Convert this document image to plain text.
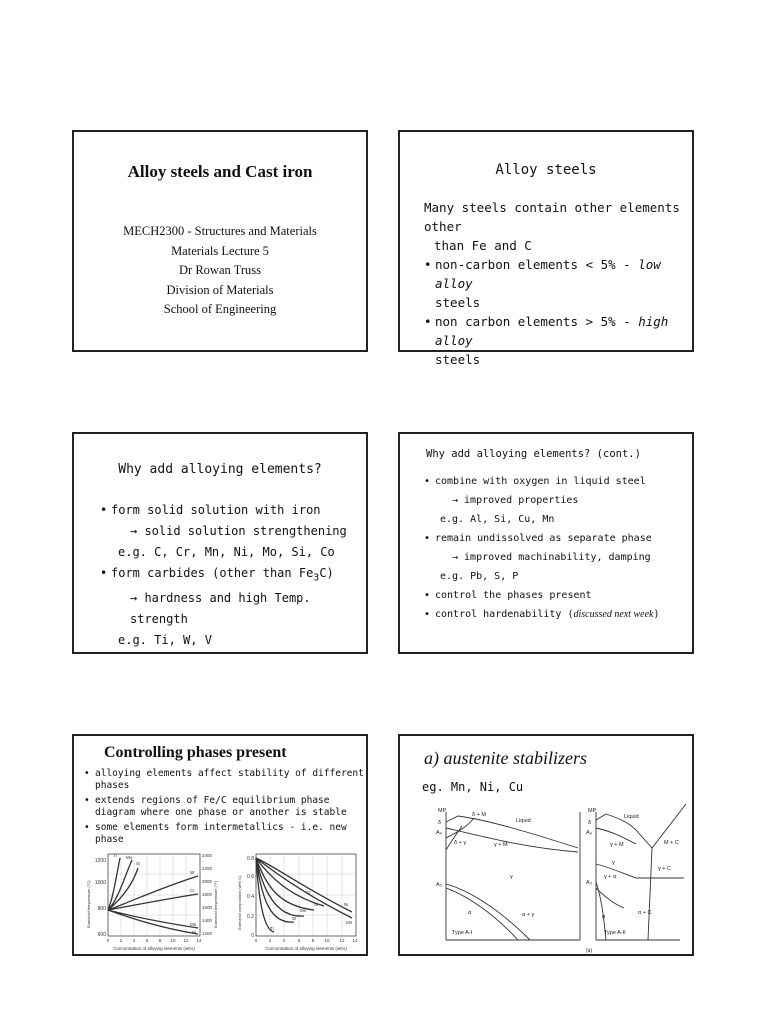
Alloy steels and Cast iron
MECH2300 - Structures and Materials
Materials Lecture 5
Dr Rowan Truss
Division of Materials
School of Engineering
Alloy steels
Many steels contain other elements other
than Fe and C
• non-carbon elements < 5% - low alloy
steels
• non carbon elements > 5% - high alloy
steels
Why add alloying elements?
• form solid solution with iron
→ solid solution strengthening
e.g. C, Cr, Mn, Ni, Mo, Si, Co
• form carbides (other than $Fe_3C$)
→ hardness and high Temp. strength
e.g. Ti, W, V
Why add alloying elements? (cont.)
• combine with oxygen in liquid steel
→ improved properties
e.g. Al, Si, Cu, Mn
• remain undissolved as separate phase
→ improved machinability, damping
e.g. Pb, S, P
• control the phases present
• control hardenability (discussed next week)
Controlling phases present
• alloying elements affect stability of different phases
• extends regions of Fe/C equilibrium phase diagram where one phase or another is stable
• some elements form intermetallics - i.e. new phase
Ti Mo
Si
W
Cr
Mn
Ni
1200
1000
800
600
2400
2200
2000
1800
1600
1400
1200
0 2 4 6 8 10 12 14
Concentration of alloying elements (wt%)
Eutectoid temperature (°C)	Eutectoid temperature (°F)	Ni
Cr
Si
Mo
W
Ti
Mn
0.8
0.6
0.4
0.2
0
0	2	4	6	8 10 12 14
Concentration of alloying elements (wt%)
Eutectoid composition (wt% C)
a) austenite stabilizers
eg. Mn, Ni, Cu
MP
δ
A₄
δ + M
Liquid
δ + γ	γ + M
γ
A₃
α	α + γ
Type A-I
MP
δ
A₄
Liquid
M + C
γ + M
γ
γ + C
A₃
γ + α
α + C
α
Type A-II
(a)
